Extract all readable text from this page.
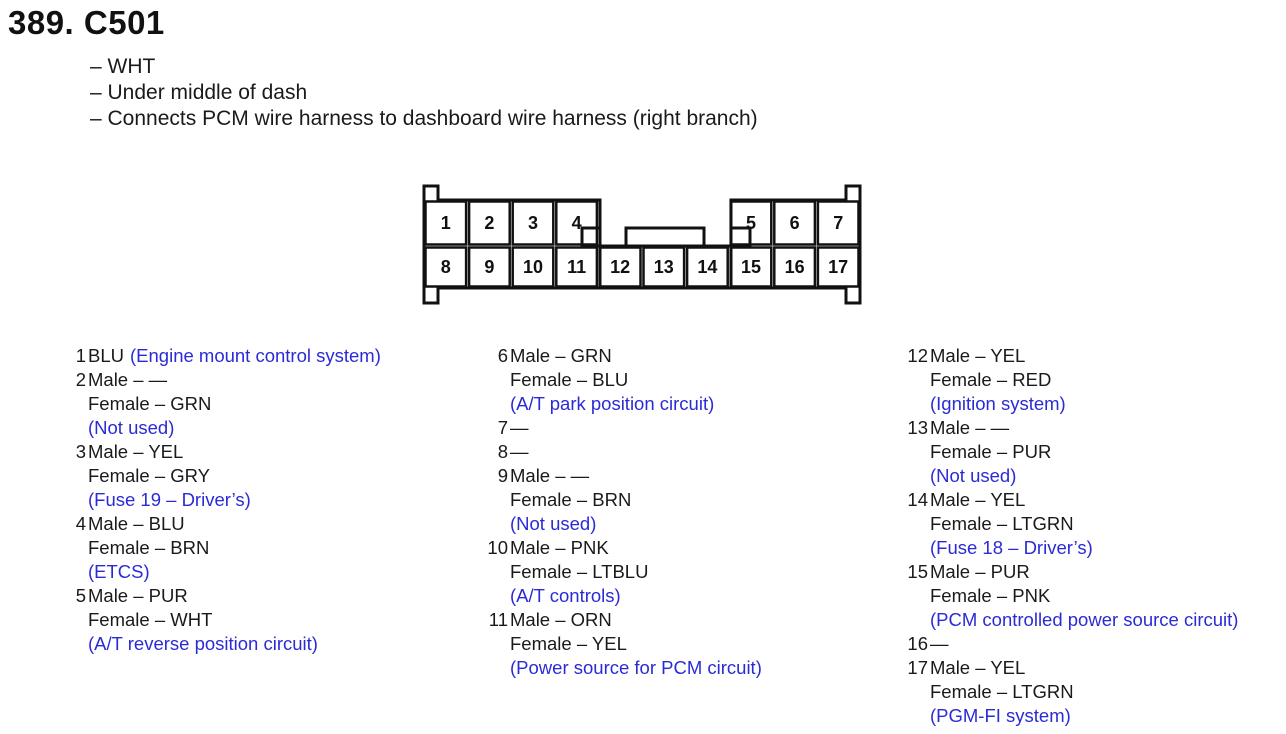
389. C501
– WHT
– Under middle of dash
– Connects PCM wire harness to dashboard wire harness (right branch)
1 2 3 4	5 6 7
8 9 10 11 12 13 14 15 16 17
1 BLU (Engine mount control system)
2 Male – —
Female – GRN
(Not used)
3 Male – YEL
Female – GRY
(Fuse 19 – Driver’s)
4 Male – BLU
Female – BRN
(ETCS)
5 Male – PUR
Female – WHT
(A/T reverse position circuit)
6 Male – GRN
Female – BLU
(A/T park position circuit)
7 —
8 —
9 Male – —
Female – BRN
(Not used)
10 Male – PNK
Female – LTBLU
(A/T controls)
11 Male – ORN
Female – YEL
(Power source for PCM circuit)
12 Male – YEL
Female – RED
(Ignition system)
13 Male – —
Female – PUR
(Not used)
14 Male – YEL
Female – LTGRN
(Fuse 18 – Driver’s)
15 Male – PUR
Female – PNK
(PCM controlled power source circuit)
16 —
17 Male – YEL
Female – LTGRN
(PGM-FI system)
